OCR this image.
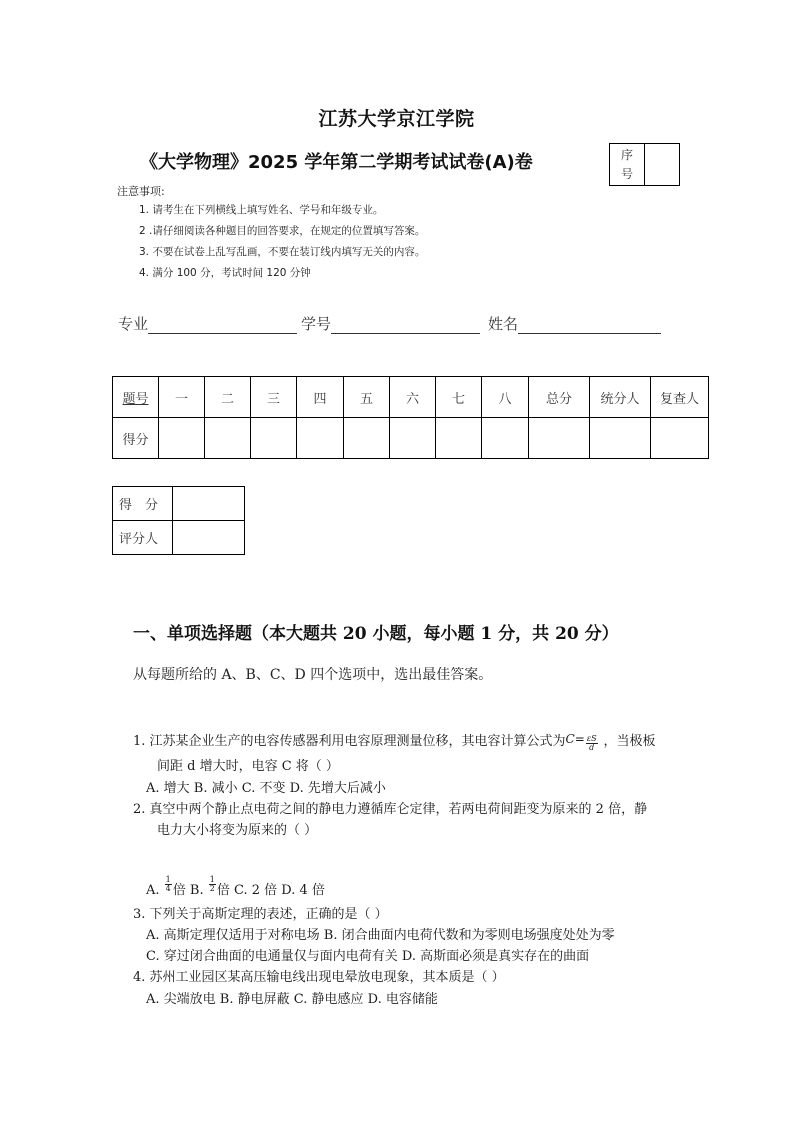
江苏大学京江学院
《大学物理》2025 学年第二学期考试试卷(A)卷	序
号
注意事项:
1. 请考生在下列横线上填写姓名、学号和年级专业。
2 .请仔细阅读各种题目的回答要求，在规定的位置填写答案。
3. 不要在试卷上乱写乱画，不要在装订线内填写无关的内容。
4. 满分 100 分，考试时间 120 分钟
专业	学号	姓名
题号	一	二	三	四	五	六	七	八	总分	统分人	复查人
得分											
得　分	
评分人	
一、单项选择题（本大题共 20 小题，每小题 1 分，共 20 分）
从每题所给的 A、B、C、D 四个选项中，选出最佳答案。
1. 江苏某企业生产的电容传感器利用电容原理测量位移，其电容计算公式为 $C= \frac{\varepsilon S}{d}$ ，当极板
间距 d 增大时，电容 C 将（ ）
A. 增大 B. 减小 C. 不变 D. 先增大后减小
2. 真空中两个静止点电荷之间的静电力遵循库仑定律，若两电荷间距变为原来的 2 倍，静
电力大小将变为原来的（ ）
A. $\frac{1}{4}$ 倍 B. $\frac{1}{2}$ 倍 C. 2 倍 D. 4 倍
3. 下列关于高斯定理的表述，正确的是（ ）
A. 高斯定理仅适用于对称电场 B. 闭合曲面内电荷代数和为零则电场强度处处为零
C. 穿过闭合曲面的电通量仅与面内电荷有关 D. 高斯面必须是真实存在的曲面
4. 苏州工业园区某高压输电线出现电晕放电现象，其本质是（ ）
A. 尖端放电 B. 静电屏蔽 C. 静电感应 D. 电容储能
